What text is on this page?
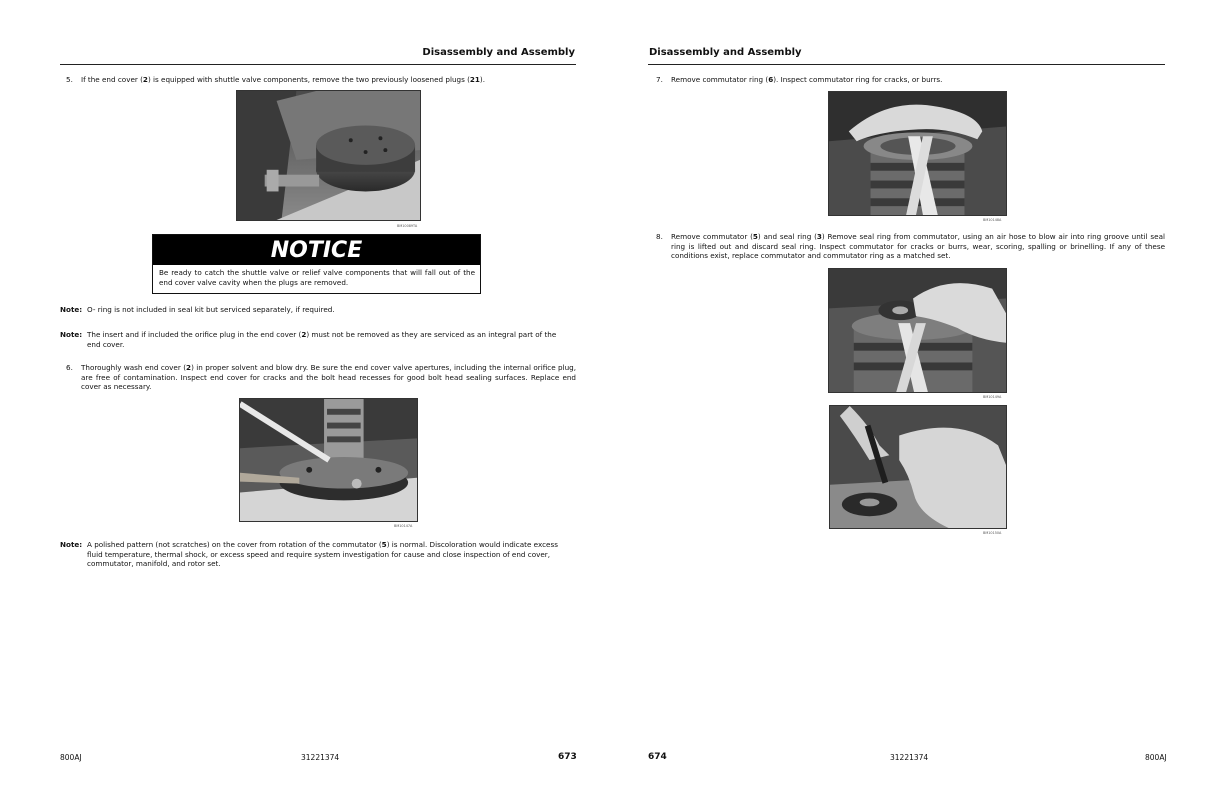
Disassembly and Assembly
5. If the end cover (2) is equipped with shuttle valve components, remove the two previously loosened plugs (21).
BM10089TA
NOTICE
Be ready to catch the shuttle valve or relief valve components that will fall out of the end cover valve cavity when the plugs are removed.
Note: O- ring is not included in seal kit but serviced separately, if required.
Note: The insert and if included the orifice plug in the end cover (2) must not be removed as they are serviced as an integral part of the end cover.
6. Thoroughly wash end cover (2) in proper solvent and blow dry. Be sure the end cover valve apertures, including the internal orifice plug, are free of contamination. Inspect end cover for cracks and the bolt head recesses for good bolt head sealing surfaces. Replace end cover as necessary.
BM10147A
Note: A polished pattern (not scratches) on the cover from rotation of the commutator (5) is normal. Discoloration would indicate excess fluid temperature, thermal shock, or excess speed and require system investigation for cause and close inspection of end cover, commutator, manifold, and rotor set.
800AJ	31221374	673
Disassembly and Assembly
7. Remove commutator ring (6). Inspect commutator ring for cracks, or burrs.
BM10148A
8. Remove commutator (5) and seal ring (3) Remove seal ring from commutator, using an air hose to blow air into ring groove until seal ring is lifted out and discard seal ring. Inspect commutator for cracks or burrs, wear, scoring, spalling or brinelling. If any of these conditions exist, replace commutator and commutator ring as a matched set.
BM10149A
BM10150A
674	31221374	800AJ
